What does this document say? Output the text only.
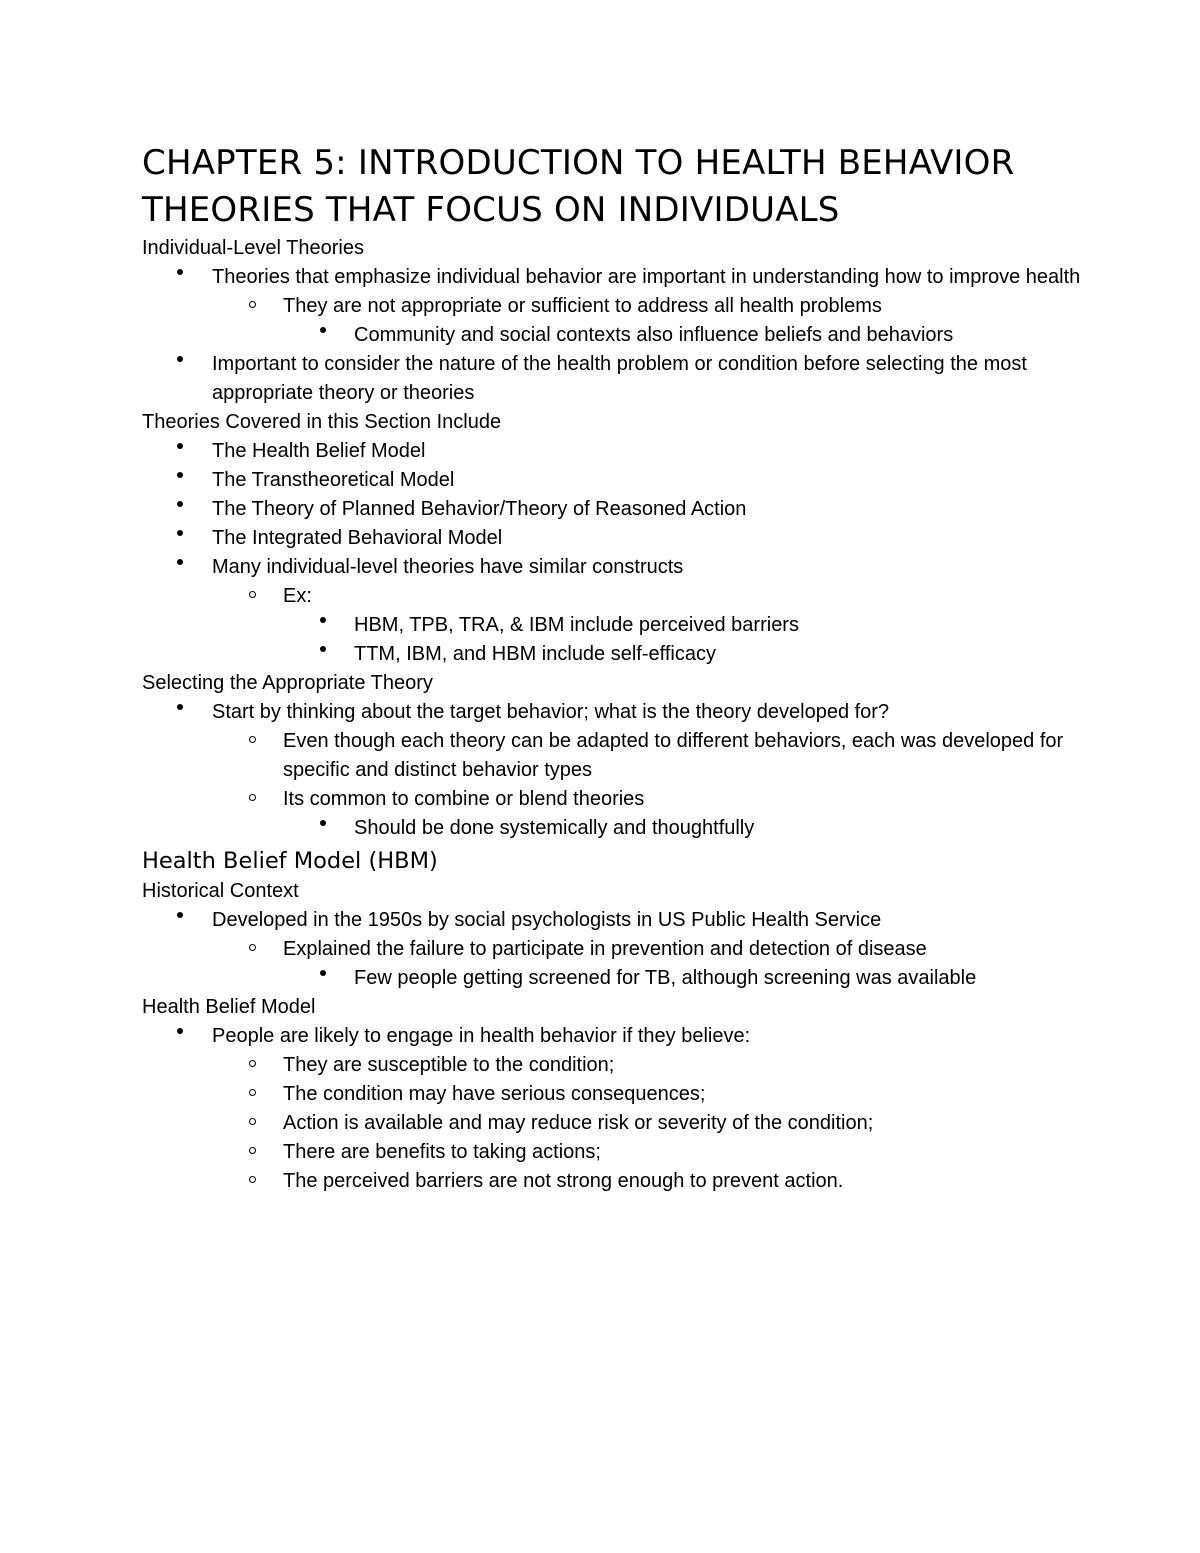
CHAPTER 5: INTRODUCTION TO HEALTH BEHAVIOR THEORIES THAT FOCUS ON INDIVIDUALS
Individual-Level Theories
Theories that emphasize individual behavior are important in understanding how to improve health
They are not appropriate or sufficient to address all health problems
Community and social contexts also influence beliefs and behaviors
Important to consider the nature of the health problem or condition before selecting the most appropriate theory or theories
Theories Covered in this Section Include
The Health Belief Model
The Transtheoretical Model
The Theory of Planned Behavior/Theory of Reasoned Action
The Integrated Behavioral Model
Many individual-level theories have similar constructs
Ex:
HBM, TPB, TRA, & IBM include perceived barriers
TTM, IBM, and HBM include self-efficacy
Selecting the Appropriate Theory
Start by thinking about the target behavior; what is the theory developed for?
Even though each theory can be adapted to different behaviors, each was developed for specific and distinct behavior types
Its common to combine or blend theories
Should be done systemically and thoughtfully
Health Belief Model (HBM)
Historical Context
Developed in the 1950s by social psychologists in US Public Health Service
Explained the failure to participate in prevention and detection of disease
Few people getting screened for TB, although screening was available
Health Belief Model
People are likely to engage in health behavior if they believe:
They are susceptible to the condition;
The condition may have serious consequences;
Action is available and may reduce risk or severity of the condition;
There are benefits to taking actions;
The perceived barriers are not strong enough to prevent action.
